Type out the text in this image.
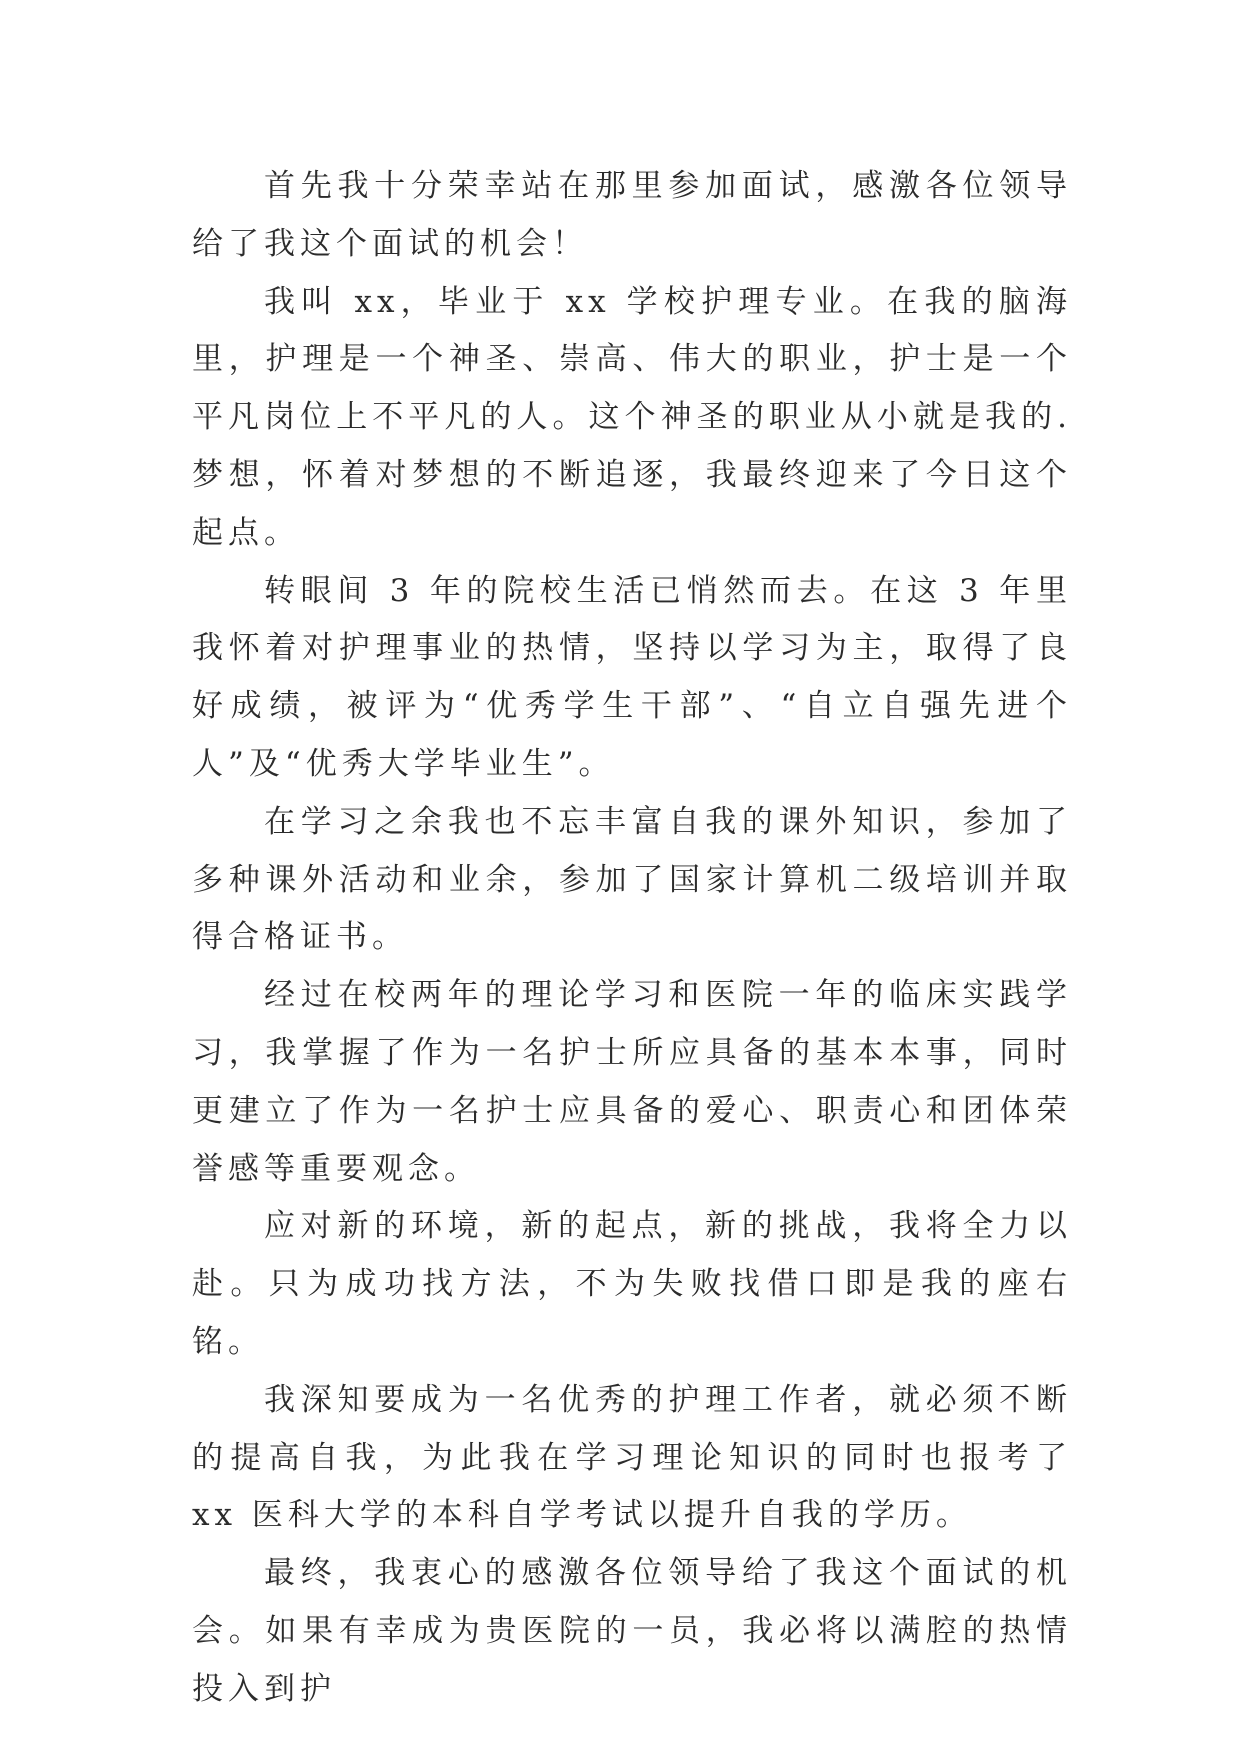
首先我十分荣幸站在那里参加面试，感激各位领导给了我这个面试的机会！

我叫 xx，毕业于 xx 学校护理专业。在我的脑海里，护理是一个神圣、崇高、伟大的职业，护士是一个平凡岗位上不平凡的人。这个神圣的职业从小就是我的.梦想，怀着对梦想的不断追逐，我最终迎来了今日这个起点。

转眼间 3 年的院校生活已悄然而去。在这 3 年里我怀着对护理事业的热情，坚持以学习为主，取得了良好成绩，被评为“优秀学生干部”、“自立自强先进个人”及“优秀大学毕业生”。

在学习之余我也不忘丰富自我的课外知识，参加了多种课外活动和业余，参加了国家计算机二级培训并取得合格证书。

经过在校两年的理论学习和医院一年的临床实践学习，我掌握了作为一名护士所应具备的基本本事，同时更建立了作为一名护士应具备的爱心、职责心和团体荣誉感等重要观念。

应对新的环境，新的起点，新的挑战，我将全力以赴。只为成功找方法，不为失败找借口即是我的座右铭。

我深知要成为一名优秀的护理工作者，就必须不断的提高自我，为此我在学习理论知识的同时也报考了 xx 医科大学的本科自学考试以提升自我的学历。

最终，我衷心的感激各位领导给了我这个面试的机会。如果有幸成为贵医院的一员，我必将以满腔的热情投入到护
